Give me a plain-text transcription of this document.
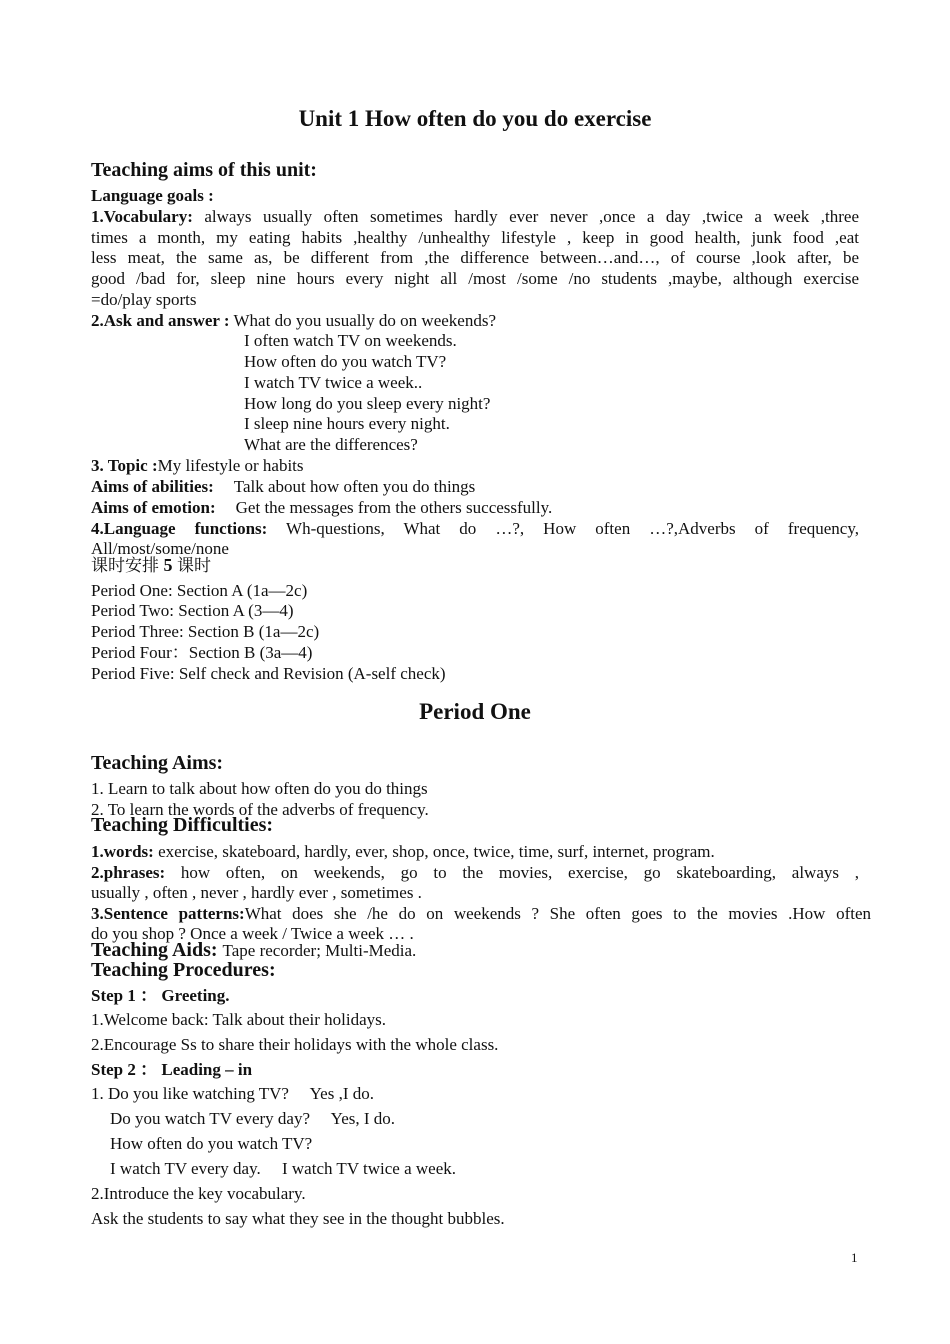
Unit 1 How often do you do exercise
Teaching aims of this unit:
Language goals :
1.Vocabulary: always usually often sometimes hardly ever never ,once a day ,twice a week ,three
times a month, my eating habits ,healthy /unhealthy lifestyle , keep in good health, junk food ,eat
less meat, the same as, be different from ,the difference between…and…, of course ,look after, be
good /bad for, sleep nine hours every night all /most /some /no students ,maybe, although exercise
=do/play sports
2.Ask and answer : What do you usually do on weekends?
I often watch TV on weekends.
How often do you watch TV?
I watch TV twice a week..
How long do you sleep every night?
I sleep nine hours every night.
What are the differences?
3. Topic :My lifestyle or habits
Aims of abilities: Talk about how often you do things
Aims of emotion: Get the messages from the others successfully.
4.Language functions: Wh-questions, What do …?, How often …?,Adverbs of frequency,
All/most/some/none
课时安排 5 课时
Period One: Section A (1a—2c)
Period Two: Section A (3—4)
Period Three: Section B (1a—2c)
Period Four：Section B (3a—4)
Period Five: Self check and Revision (A-self check)
Period One
Teaching Aims:
1. Learn to talk about how often do you do things
2. To learn the words of the adverbs of frequency.
Teaching Difficulties:
1.words: exercise, skateboard, hardly, ever, shop, once, twice, time, surf, internet, program.
2.phrases: how often, on weekends, go to the movies, exercise, go skateboarding, always ,
usually , often , never , hardly ever , sometimes .
3.Sentence patterns:What does she /he do on weekends ? She often goes to the movies .How often
do you shop ? Once a week / Twice a week … .
Teaching Aids: Tape recorder; Multi-Media.
Teaching Procedures:
Step 1 ： Greeting.
1.Welcome back: Talk about their holidays.
2.Encourage Ss to share their holidays with the whole class.
Step 2 ： Leading – in
1. Do you like watching TV?     Yes ,I do.
Do you watch TV every day?     Yes, I do.
How often do you watch TV?
I watch TV every day.     I watch TV twice a week.
2.Introduce the key vocabulary.
Ask the students to say what they see in the thought bubbles.
1
